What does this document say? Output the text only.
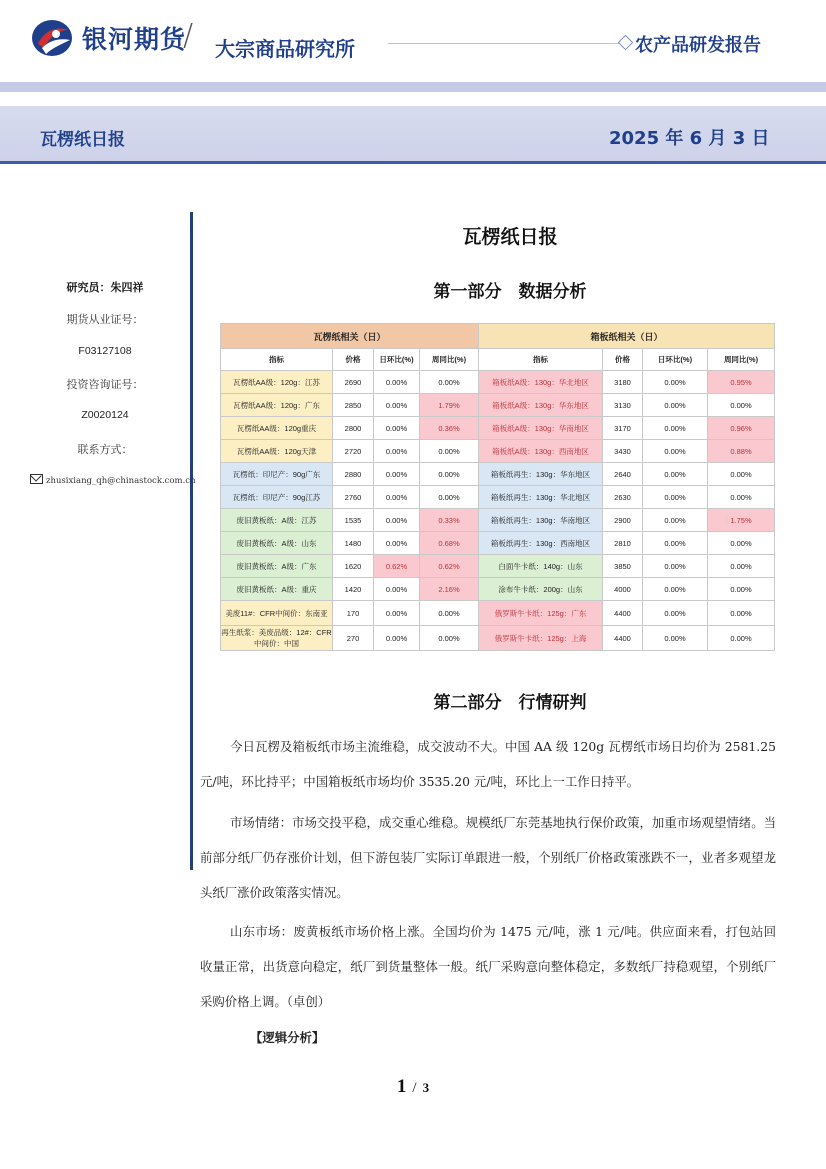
银河期货
/ 大宗商品研究所	农产品研发报告
瓦楞纸日报	2025 年 6 月 3 日
研究员：朱四祥
期货从业证号：
F03127108
投资咨询证号：
Z0020124
联系方式：
zhusixiang_qh@chinastock.com.cn
瓦楞纸日报
第一部分　数据分析
瓦楞纸相关（日）				箱板纸相关（日）			
指标	价格	日环比(%)	周同比(%)	指标	价格	日环比(%)	周同比(%)
瓦楞纸AA级：120g：江苏	2690	0.00%	0.00%	箱板纸A级：130g：华北地区	3180	0.00%	0.95%
瓦楞纸AA级：120g：广东	2850	0.00%	1.79%	箱板纸A级：130g：华东地区	3130	0.00%	0.00%
瓦楞纸AA级：120g重庆	2800	0.00%	0.36%	箱板纸A级：130g：华南地区	3170	0.00%	0.96%
瓦楞纸AA级：120g天津	2720	0.00%	0.00%	箱板纸A级：130g：西南地区	3430	0.00%	0.88%
瓦楞纸：印尼产：90g广东	2880	0.00%	0.00%	箱板纸再生：130g：华东地区	2640	0.00%	0.00%
瓦楞纸：印尼产：90g江苏	2760	0.00%	0.00%	箱板纸再生：130g：华北地区	2630	0.00%	0.00%
废旧黄板纸：A级：江苏	1535	0.00%	0.33%	箱板纸再生：130g：华南地区	2900	0.00%	1.75%
废旧黄板纸：A级：山东	1480	0.00%	0.68%	箱板纸再生：130g：西南地区	2810	0.00%	0.00%
废旧黄板纸：A级：广东	1620	0.62%	0.62%	白面牛卡纸：140g：山东	3850	0.00%	0.00%
废旧黄板纸：A级：重庆	1420	0.00%	2.16%	涂布牛卡纸：200g：山东	4000	0.00%	0.00%
美废11#：CFR中间价：东南亚	170	0.00%	0.00%	俄罗斯牛卡纸：125g：广东	4400	0.00%	0.00%
再生纸浆：美废品级：12#：CFR中间价：中国	270	0.00%	0.00%	俄罗斯牛卡纸：125g：上海	4400	0.00%	0.00%
第二部分　行情研判
今日瓦楞及箱板纸市场主流维稳，成交波动不大。中国 AA 级 120g 瓦楞纸市场日均价为 2581.25 元/吨，环比持平；中国箱板纸市场均价 3535.20 元/吨，环比上一工作日持平。
市场情绪：市场交投平稳，成交重心维稳。规模纸厂东莞基地执行保价政策，加重市场观望情绪。当前部分纸厂仍存涨价计划，但下游包装厂实际订单跟进一般，个别纸厂价格政策涨跌不一，业者多观望龙头纸厂涨价政策落实情况。
山东市场：废黄板纸市场价格上涨。全国均价为 1475 元/吨，涨 1 元/吨。供应面来看，打包站回收量正常，出货意向稳定，纸厂到货量整体一般。纸厂采购意向整体稳定，多数纸厂持稳观望，个别纸厂采购价格上调。（卓创）
【逻辑分析】
1 / 3
